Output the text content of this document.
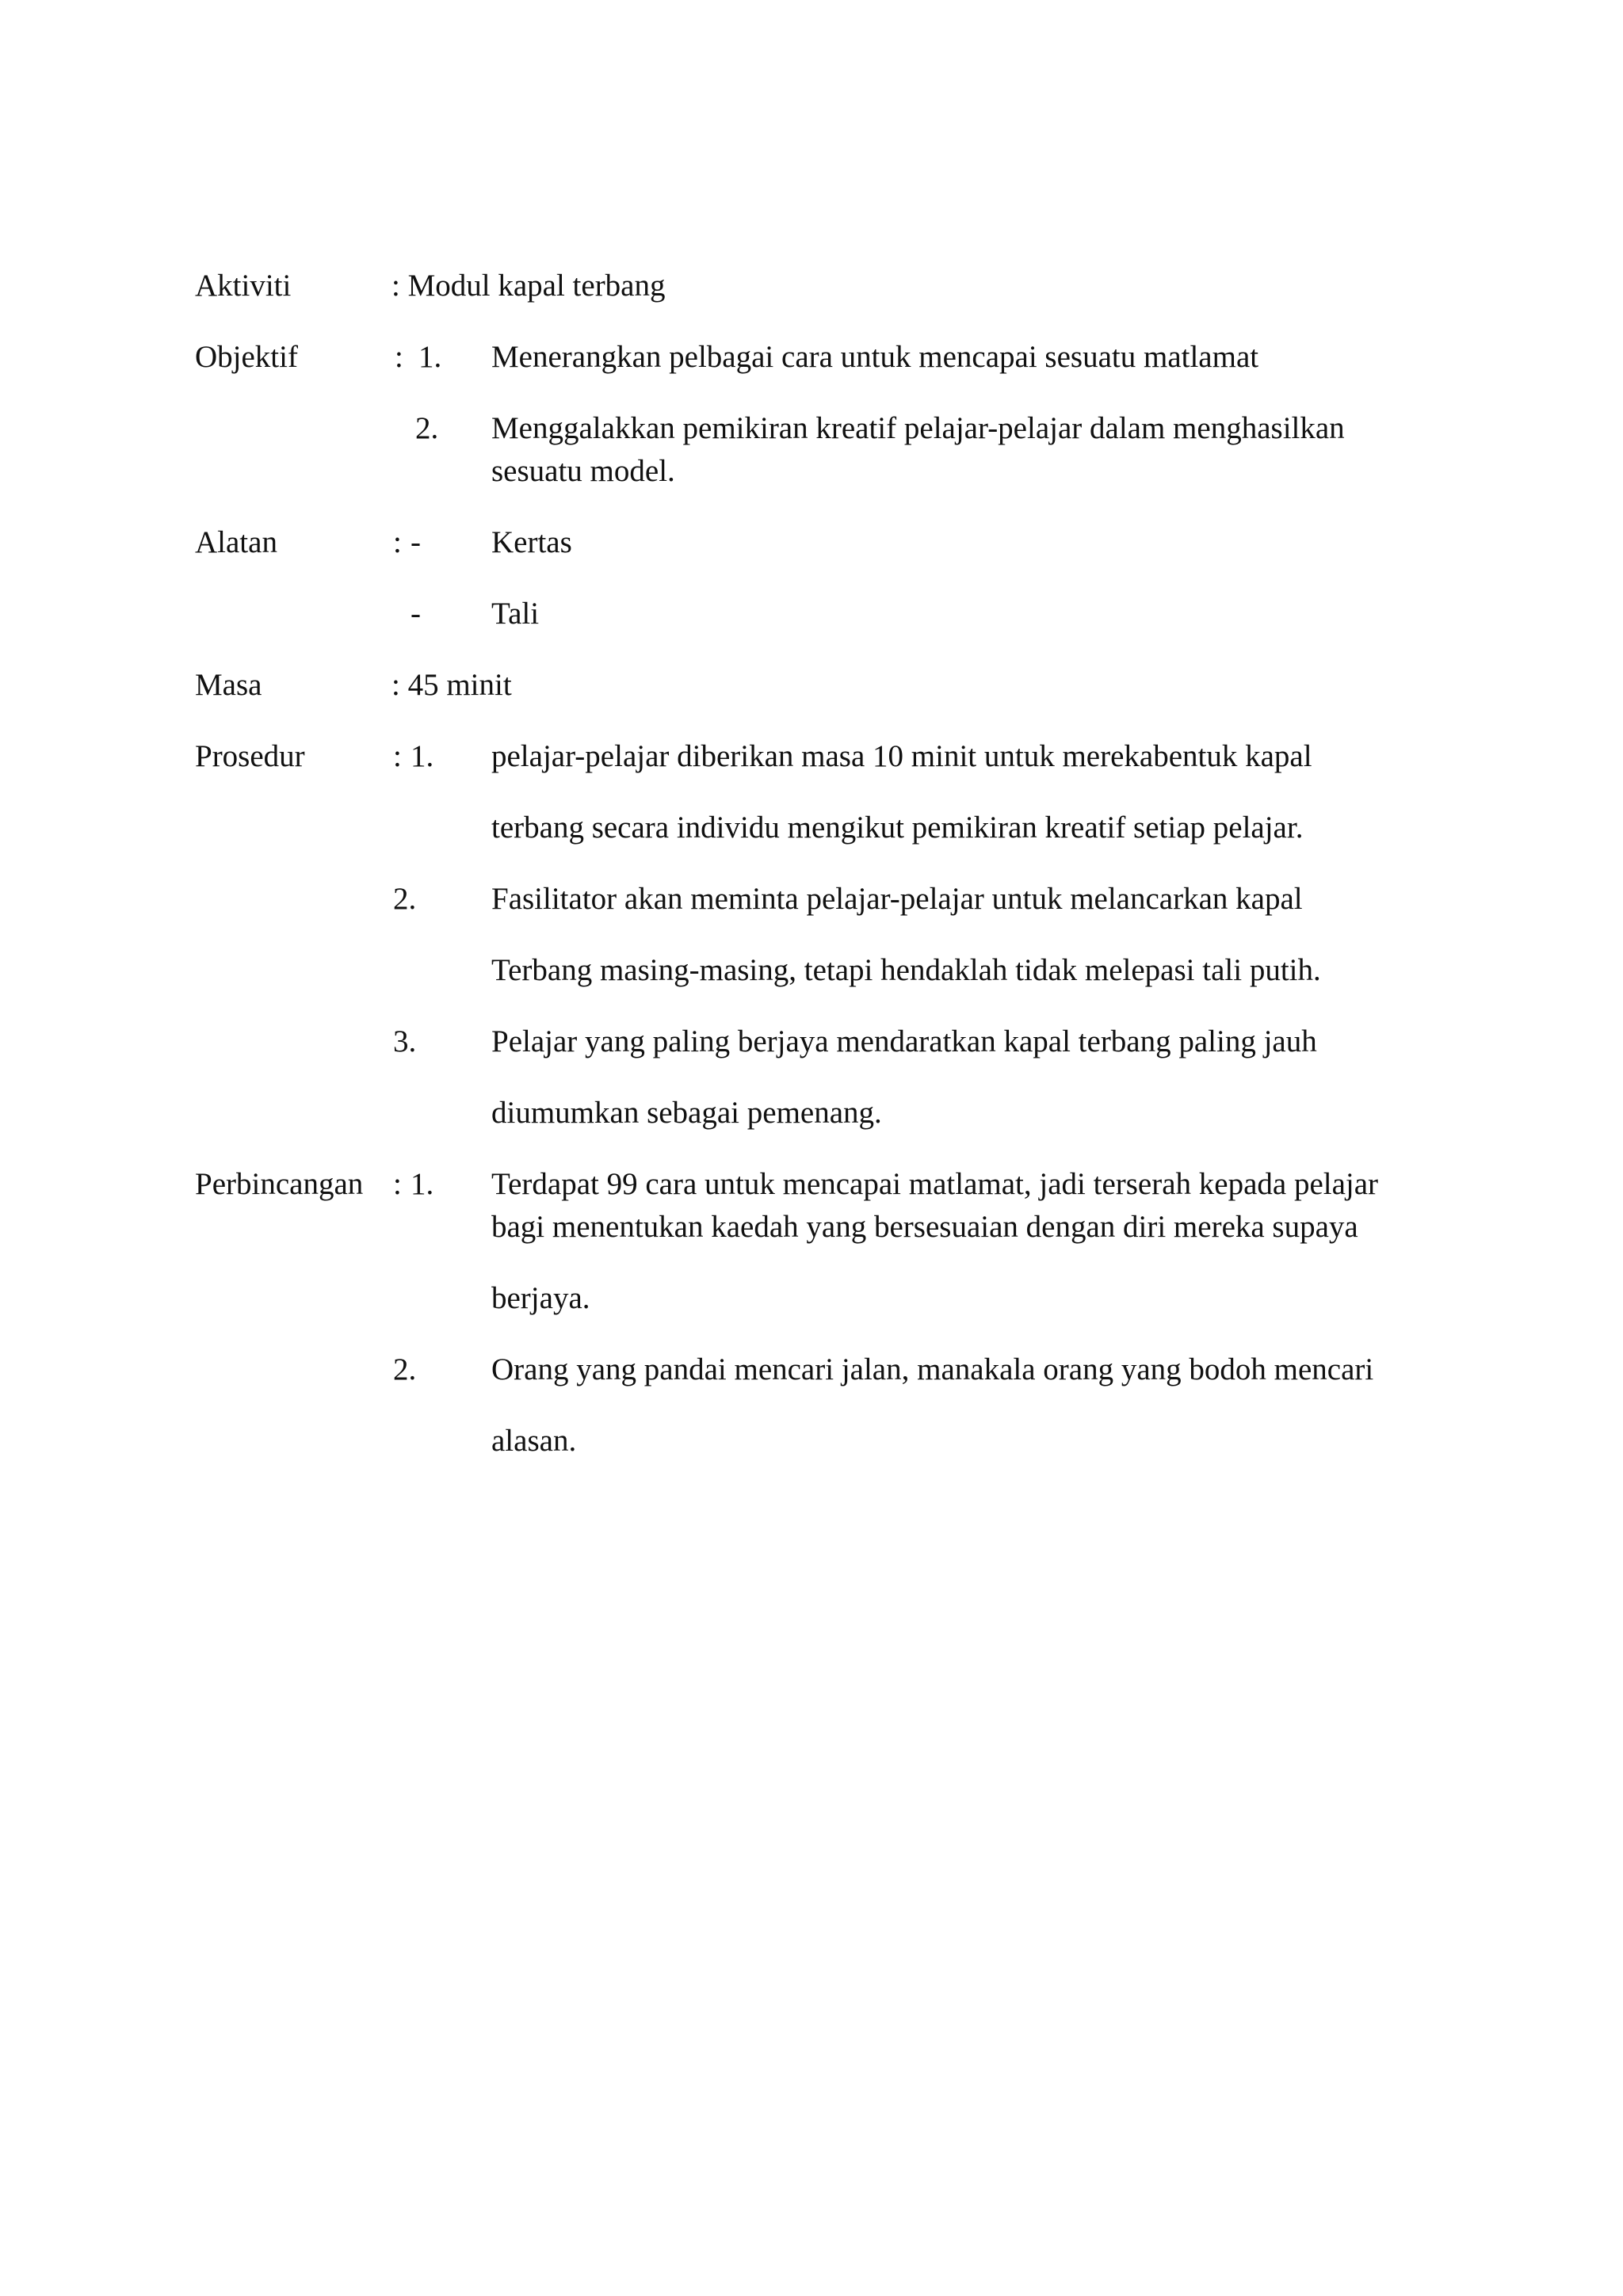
Aktiviti	: Modul kapal terbang
Objektif	: 1. Menerangkan pelbagai cara untuk mencapai sesuatu matlamat
2. Menggalakkan pemikiran kreatif pelajar-pelajar dalam menghasilkan
sesuatu model.
Alatan	: - Kertas
- Tali
Masa	: 45 minit
Prosedur	: 1. pelajar-pelajar diberikan masa 10 minit untuk merekabentuk kapal
terbang secara individu mengikut pemikiran kreatif setiap pelajar.
2. Fasilitator akan meminta pelajar-pelajar untuk melancarkan kapal
Terbang masing-masing, tetapi hendaklah tidak melepasi tali putih.
3. Pelajar yang paling berjaya mendaratkan kapal terbang paling jauh
diumumkan sebagai pemenang.
Perbincangan : 1. Terdapat 99 cara untuk mencapai matlamat, jadi terserah kepada pelajar
bagi menentukan kaedah yang bersesuaian dengan diri mereka supaya
berjaya.
2. Orang yang pandai mencari jalan, manakala orang yang bodoh mencari
alasan.
